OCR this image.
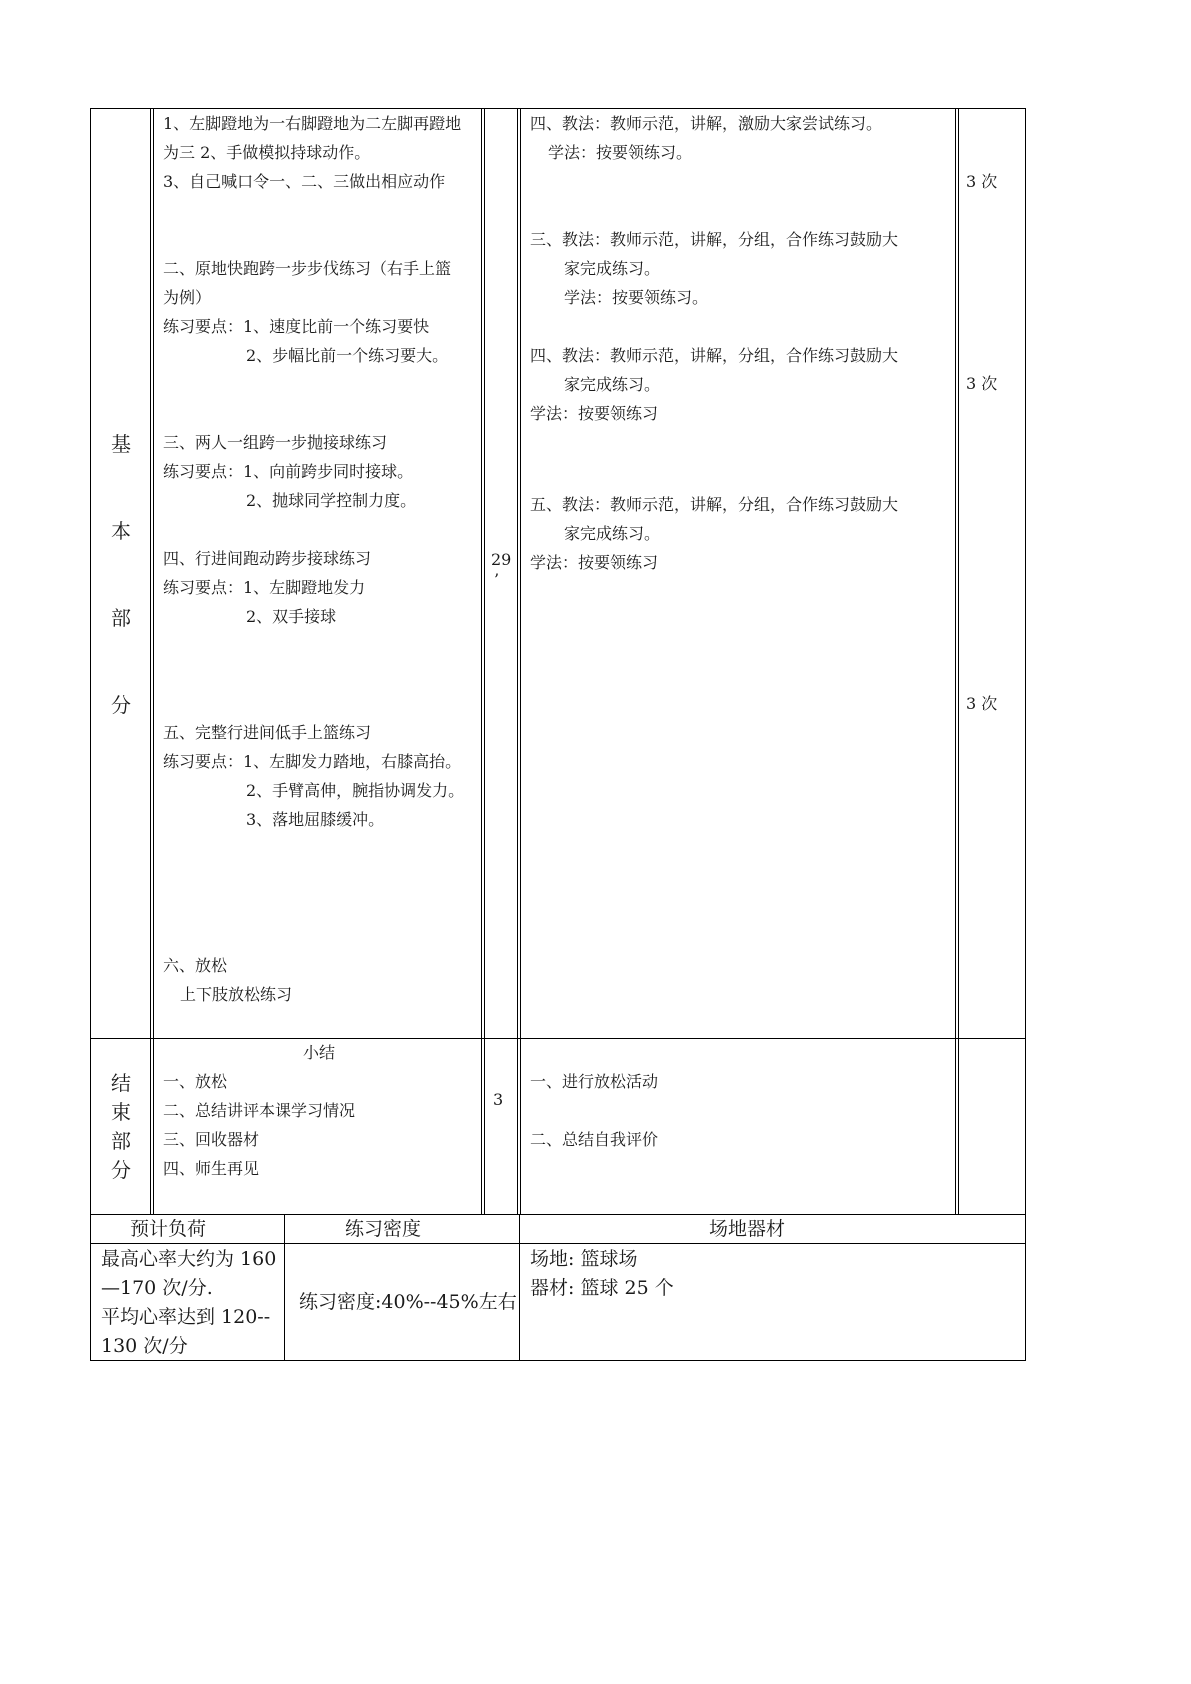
基
本
部
分
1、左脚蹬地为一右脚蹬地为二左脚再蹬地
为三 2、手做模拟持球动作。
3、自己喊口令一、二、三做出相应动作
二、原地快跑跨一步步伐练习（右手上篮
为例）
练习要点：1、速度比前一个练习要快
2、步幅比前一个练习要大。
三、两人一组跨一步抛接球练习
练习要点：1、向前跨步同时接球。
2、抛球同学控制力度。
四、行进间跑动跨步接球练习
练习要点：1、左脚蹬地发力
2、双手接球
五、完整行进间低手上篮练习
练习要点：1、左脚发力踏地，右膝高抬。
2、手臂高伸，腕指协调发力。
3、落地屈膝缓冲。
六、放松
上下肢放松练习
29
’
四、教法：教师示范，讲解，激励大家尝试练习。
学法：按要领练习。
三、教法：教师示范，讲解，分组，合作练习鼓励大
家完成练习。
学法：按要领练习。
四、教法：教师示范，讲解，分组，合作练习鼓励大
家完成练习。
学法：按要领练习
五、教法：教师示范，讲解，分组，合作练习鼓励大
家完成练习。
学法：按要领练习
3 次
3 次
3 次
结
束
部
分
小结
一、放松
二、总结讲评本课学习情况
三、回收器材
四、师生再见
3
一、进行放松活动
二、总结自我评价
预计负荷	练习密度	场地器材
最高心率大约为 160
—170 次/分.
平均心率达到 120--
130 次/分
练习密度:40%--45%左右
场地: 篮球场
器材: 篮球 25 个
